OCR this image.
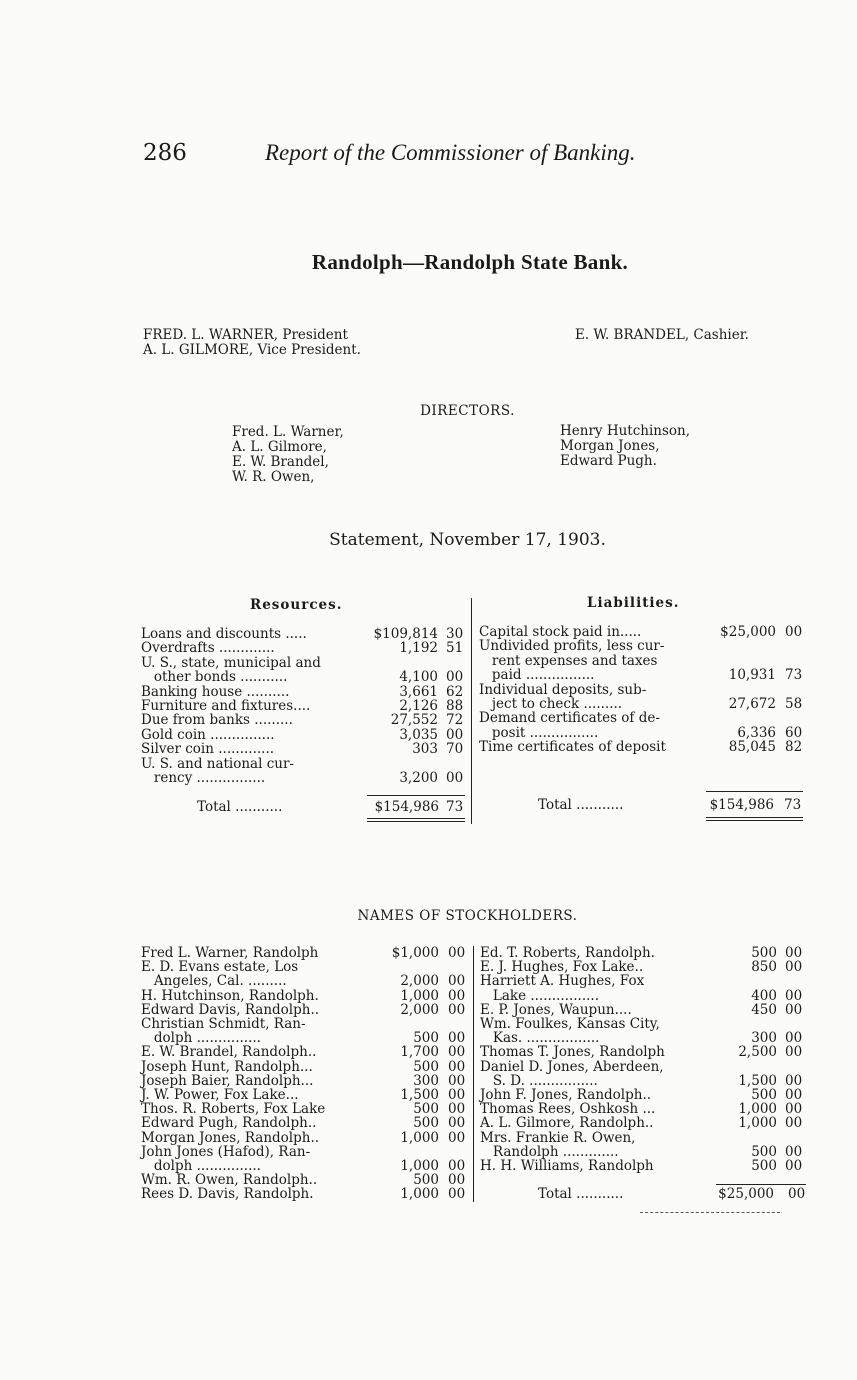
286	Report of the Commissioner of Banking.
Randolph—Randolph State Bank.
FRED. L. WARNER, President
A. L. GILMORE, Vice President.
E. W. BRANDEL, Cashier.
DIRECTORS.
Fred. L. Warner,
A. L. Gilmore,
E. W. Brandel,
W. R. Owen,
Henry Hutchinson,
Morgan Jones,
Edward Pugh.
Statement, November 17, 1903.
Resources.	Liabilities.
Loans and discounts .....	$109,814 30
Overdrafts .............	1,192 51
U. S., state, municipal and
other bonds ...........	4,100 00
Banking house ..........	3,661 62
Furniture and fixtures....	2,126 88
Due from banks .........	27,552 72
Gold coin ...............	3,035 00
Silver coin .............	303 70
U. S. and national cur-
rency ................	3,200 00
Capital stock paid in.....	$25,000 00
Undivided profits, less cur-
rent expenses and taxes
paid ................	10,931 73
Individual deposits, sub-
ject to check .........	27,672 58
Demand certificates of de-
posit ................	6,336 60
Time certificates of deposit	85,045 82
Total ...........	$154,986 73	Total ...........	$154,986 73
NAMES OF STOCKHOLDERS.
Fred L. Warner, Randolph	$1,000 00
E. D. Evans estate, Los
Angeles, Cal. .........	2,000 00
H. Hutchinson, Randolph.	1,000 00
Edward Davis, Randolph..	2,000 00
Christian Schmidt, Ran-
dolph ...............	500 00
E. W. Brandel, Randolph..	1,700 00
Joseph Hunt, Randolph...	500 00
Joseph Baier, Randolph...	300 00
J. W. Power, Fox Lake...	1,500 00
Thos. R. Roberts, Fox Lake	500 00
Edward Pugh, Randolph..	500 00
Morgan Jones, Randolph..	1,000 00
John Jones (Hafod), Ran-
dolph ...............	1,000 00
Wm. R. Owen, Randolph..	500 00
Rees D. Davis, Randolph.	1,000 00
Ed. T. Roberts, Randolph.	500 00
E. J. Hughes, Fox Lake..	850 00
Harriett A. Hughes, Fox
Lake ................	400 00
E. P. Jones, Waupun....	450 00
Wm. Foulkes, Kansas City,
Kas. .................	300 00
Thomas T. Jones, Randolph	2,500 00
Daniel D. Jones, Aberdeen,
S. D. ................	1,500 00
John F. Jones, Randolph..	500 00
Thomas Rees, Oshkosh ...	1,000 00
A. L. Gilmore, Randolph..	1,000 00
Mrs. Frankie R. Owen,
Randolph .............	500 00
H. H. Williams, Randolph	500 00
Total ...........	$25,000 00
